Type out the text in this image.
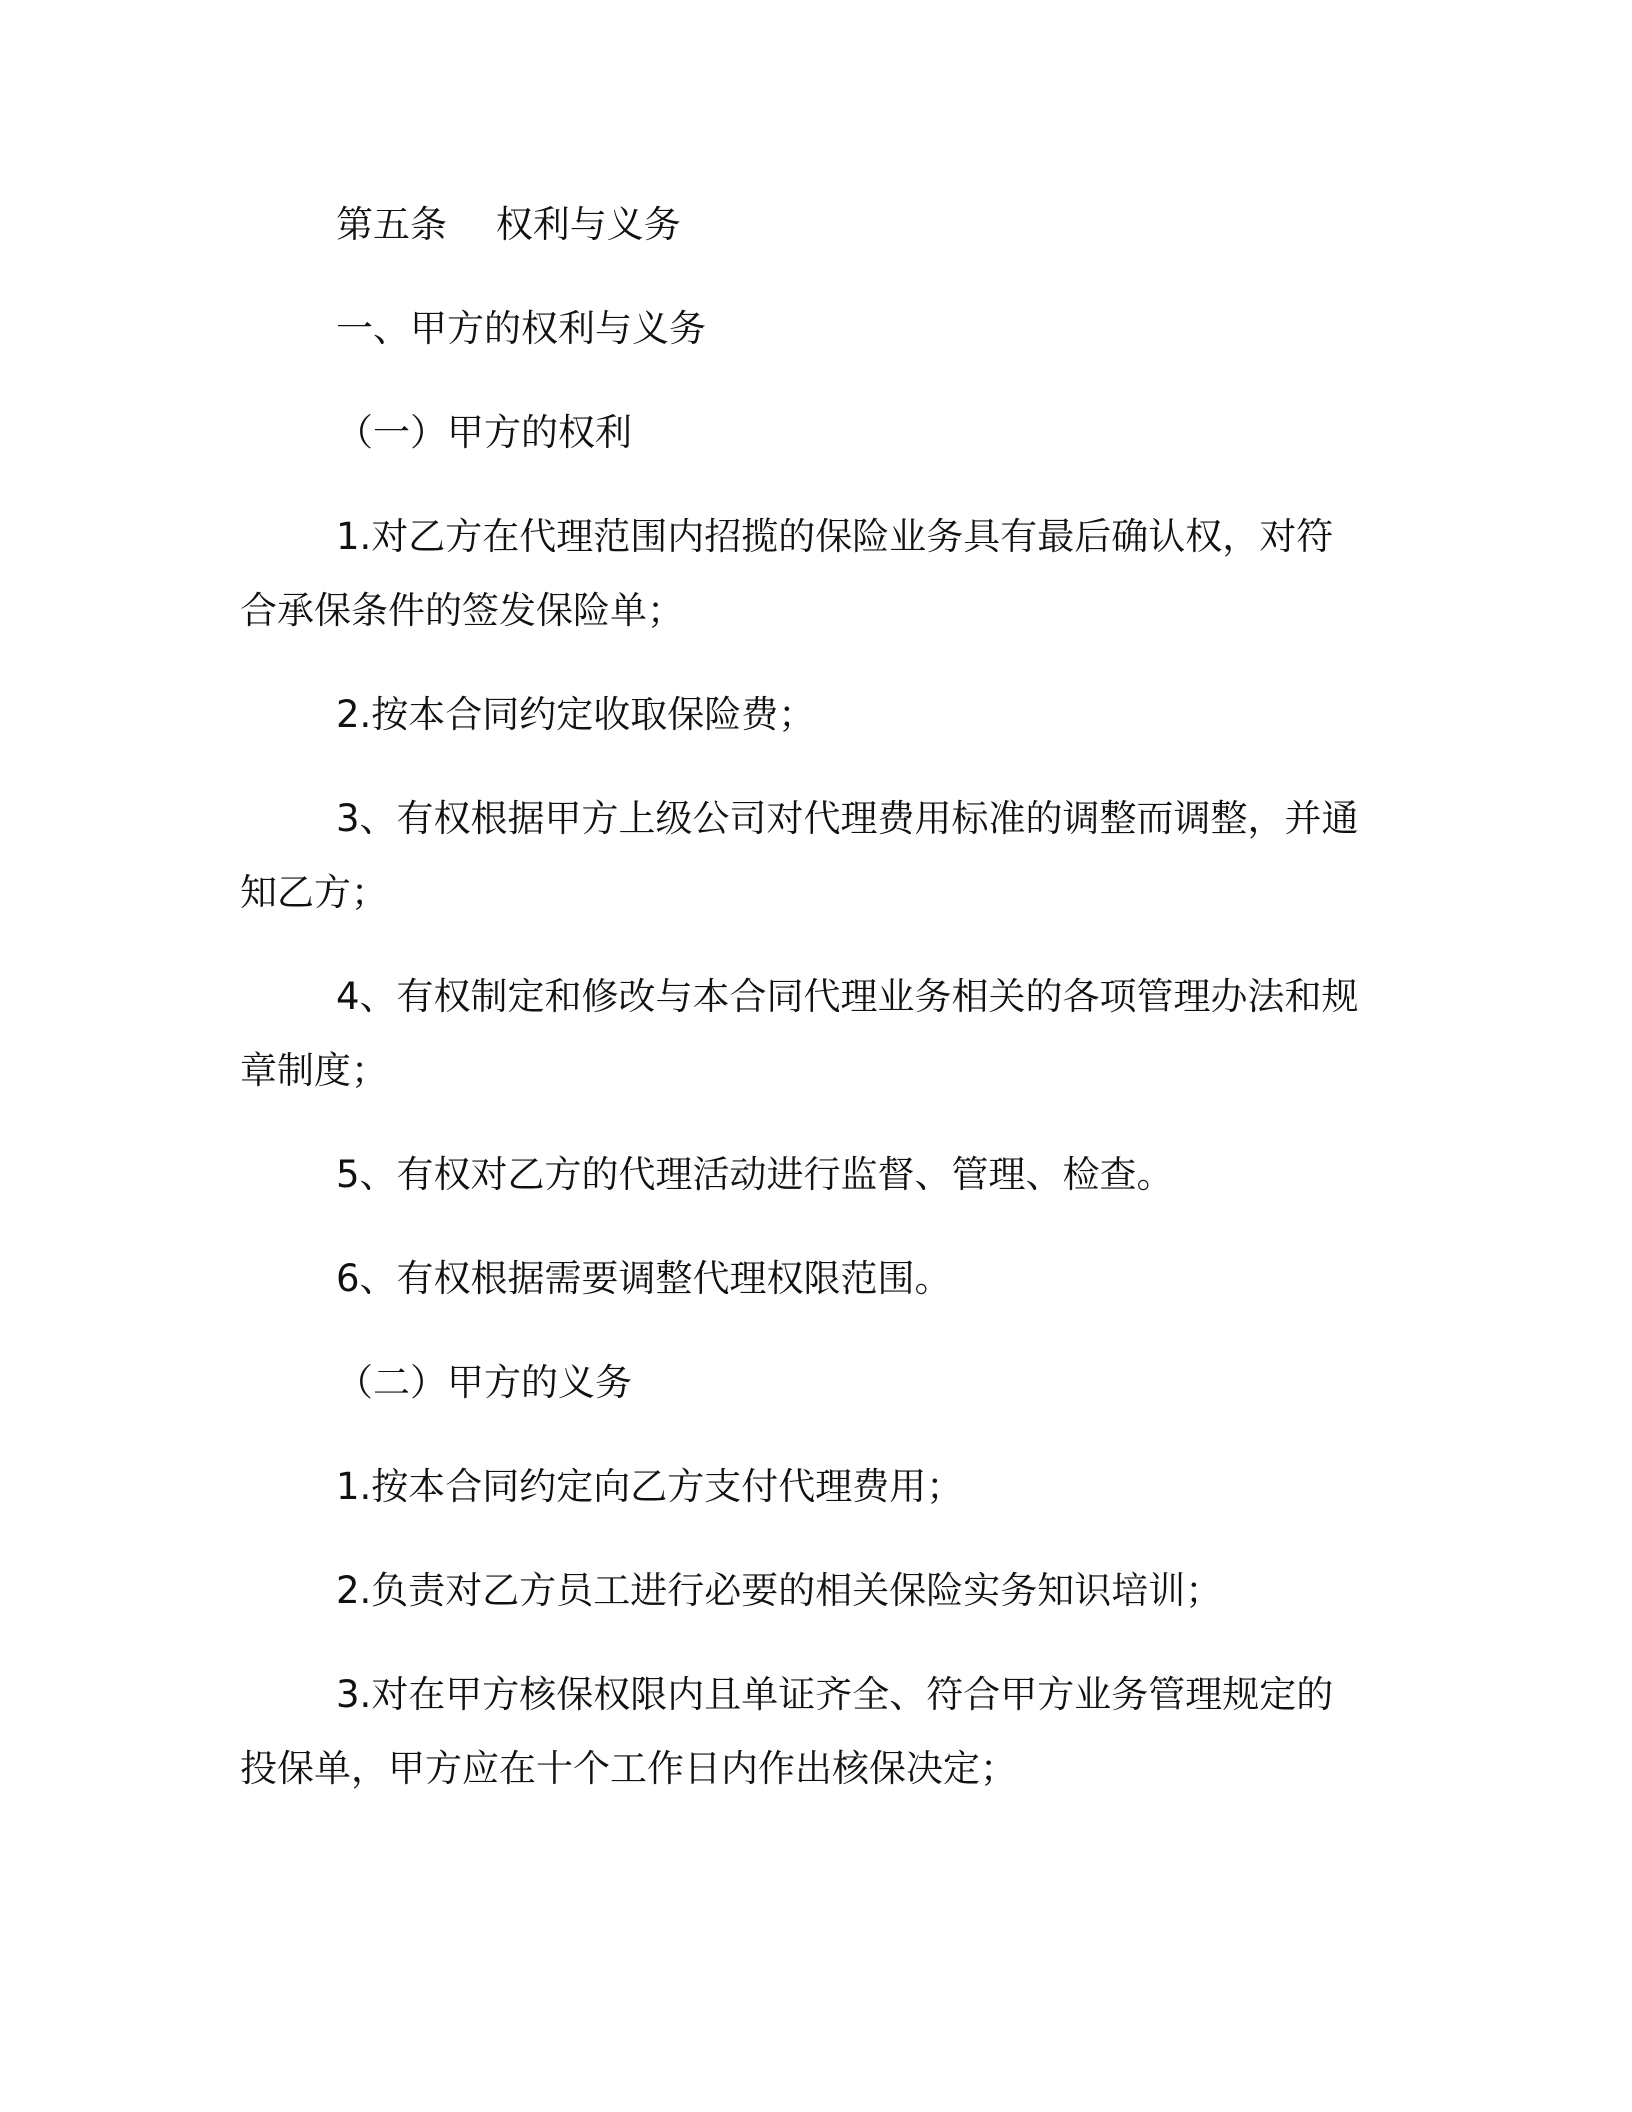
第五条　 权利与义务

一、甲方的权利与义务

（一）甲方的权利

1.对乙方在代理范围内招揽的保险业务具有最后确认权，对符合承保条件的签发保险单；

2.按本合同约定收取保险费；

3、有权根据甲方上级公司对代理费用标准的调整而调整，并通知乙方；

4、有权制定和修改与本合同代理业务相关的各项管理办法和规章制度；

5、有权对乙方的代理活动进行监督、管理、检查。

6、有权根据需要调整代理权限范围。

（二）甲方的义务

1.按本合同约定向乙方支付代理费用；

2.负责对乙方员工进行必要的相关保险实务知识培训；

3.对在甲方核保权限内且单证齐全、符合甲方业务管理规定的投保单，甲方应在十个工作日内作出核保决定；
